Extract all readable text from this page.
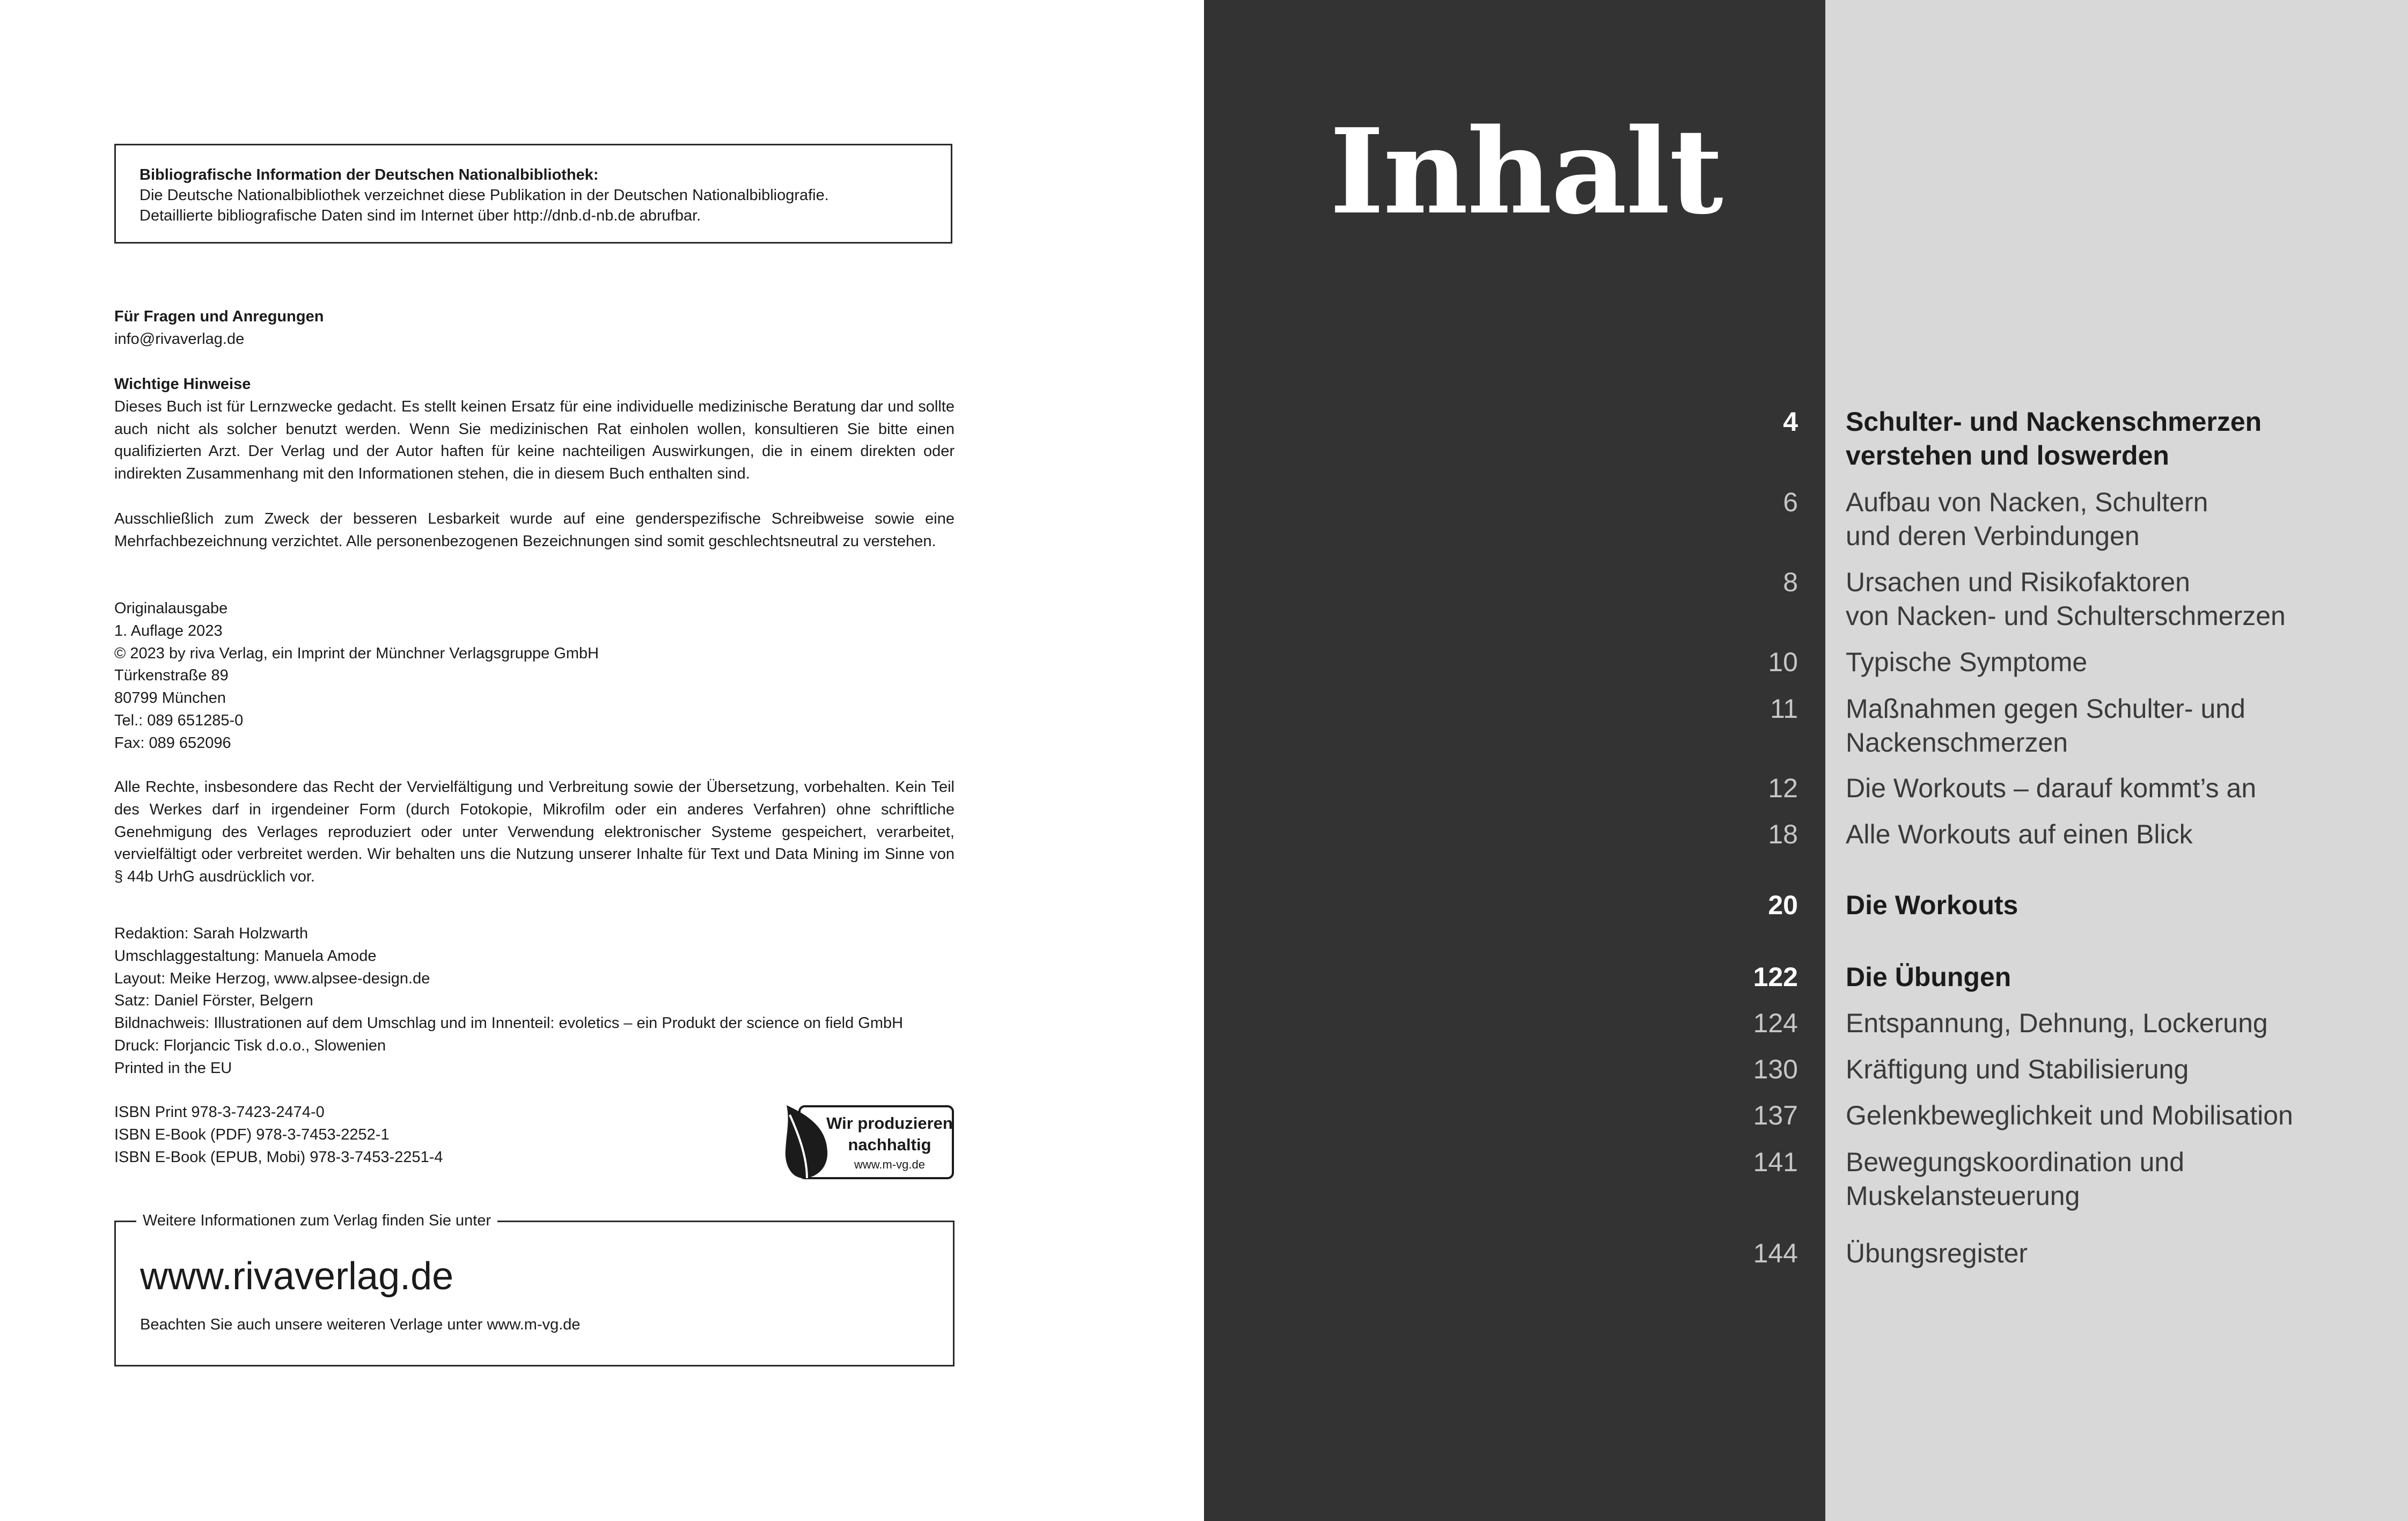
Bibliografische Information der Deutschen Nationalbibliothek:

Die Deutsche Nationalbibliothek verzeichnet diese Publikation in der Deutschen Nationalbibliografie.

Detaillierte bibliografische Daten sind im Internet über http://dnb.d-nb.de abrufbar.

Für Fragen und Anregungen

info@rivaverlag.de

Wichtige Hinweise

Dieses Buch ist für Lernzwecke gedacht. Es stellt keinen Ersatz für eine individuelle medizinische Beratung dar und sollte auch nicht als solcher benutzt werden. Wenn Sie medizinischen Rat einholen wollen, konsultieren Sie bitte einen qualifizierten Arzt. Der Verlag und der Autor haften für keine nachteiligen Auswirkungen, die in einem direkten oder indirekten Zusammenhang mit den Informationen stehen, die in diesem Buch enthalten sind.

Ausschließlich zum Zweck der besseren Lesbarkeit wurde auf eine genderspezifische Schreibweise sowie eine Mehrfachbezeichnung verzichtet. Alle personenbezogenen Bezeichnungen sind somit geschlechtsneutral zu verstehen.

Originalausgabe

1. Auflage 2023

© 2023 by riva Verlag, ein Imprint der Münchner Verlagsgruppe GmbH

Türkenstraße 89

80799 München

Tel.: 089 651285-0

Fax: 089 652096

Alle Rechte, insbesondere das Recht der Vervielfältigung und Verbreitung sowie der Übersetzung, vorbehalten. Kein Teil des Werkes darf in irgendeiner Form (durch Fotokopie, Mikrofilm oder ein anderes Verfahren) ohne schriftliche Genehmigung des Verlages reproduziert oder unter Verwendung elektronischer Systeme gespeichert, verarbeitet, vervielfältigt oder verbreitet werden. Wir behalten uns die Nutzung unserer Inhalte für Text und Data Mining im Sinne von § 44b UrhG ausdrücklich vor.

Redaktion: Sarah Holzwarth

Umschlaggestaltung: Manuela Amode

Layout: Meike Herzog, www.alpsee-design.de

Satz: Daniel Förster, Belgern

Bildnachweis: Illustrationen auf dem Umschlag und im Innenteil: evoletics – ein Produkt der science on field GmbH

Druck: Florjancic Tisk d.o.o., Slowenien

Printed in the EU

ISBN Print 978-3-7423-2474-0

ISBN E-Book (PDF) 978-3-7453-2252-1

ISBN E-Book (EPUB, Mobi) 978-3-7453-2251-4

Wir produzieren
nachhaltig
www.m-vg.de
Weitere Informationen zum Verlag finden Sie unter
www.rivaverlag.de
Beachten Sie auch unsere weiteren Verlage unter www.m-vg.de
Inhalt
4 Schulter- und Nackenschmerzen
verstehen und loswerden
6 Aufbau von Nacken, Schultern
und deren Verbindungen
8 Ursachen und Risikofaktoren
von Nacken- und Schulterschmerzen
10 Typische Symptome
11 Maßnahmen gegen Schulter- und
Nackenschmerzen
12 Die Workouts – darauf kommt’s an
18 Alle Workouts auf einen Blick
20 Die Workouts
122 Die Übungen
124 Entspannung, Dehnung, Lockerung
130 Kräftigung und Stabilisierung
137 Gelenkbeweglichkeit und Mobilisation
141 Bewegungskoordination und
Muskelansteuerung
144 Übungsregister
